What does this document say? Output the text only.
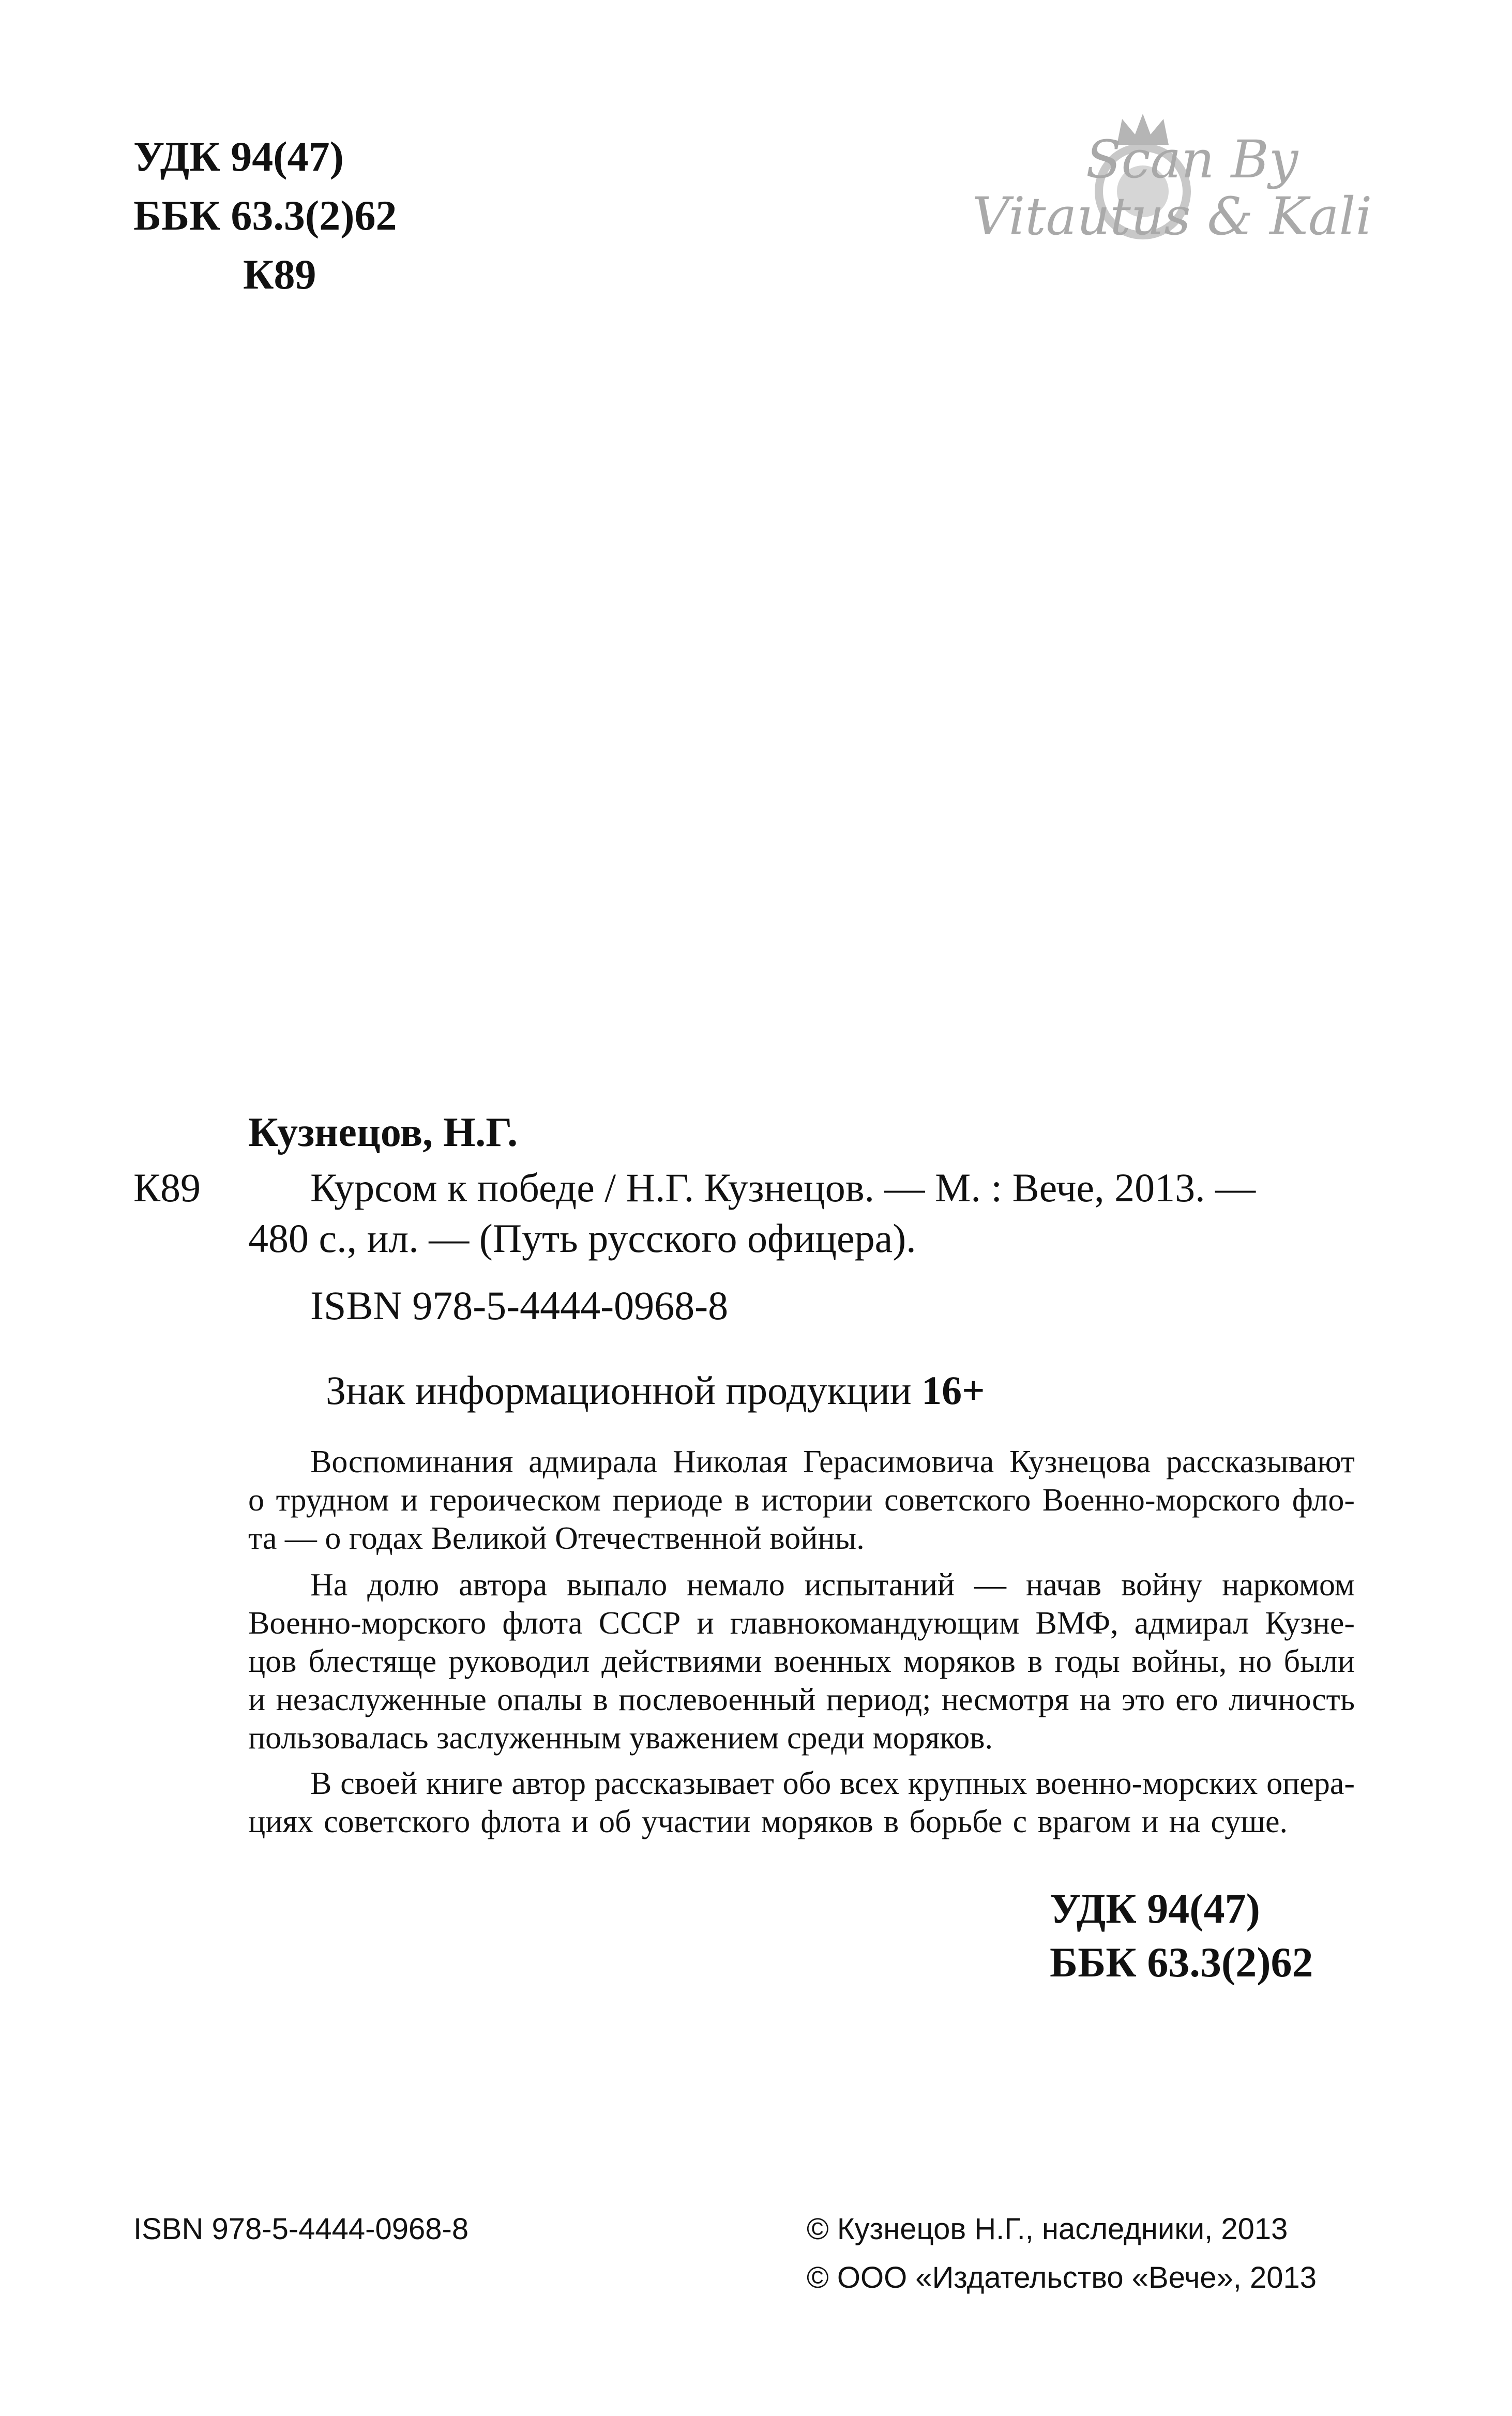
УДК 94(47)

ББК 63.3(2)62

К89

Scan By
Vitautus & Kali

Кузнецов, Н.Г.

К89	Курсом к победе / Н.Г. Кузнецов. — М. : Вече, 2013. —

480 с., ил. — (Путь русского офицера).

ISBN 978-5-4444-0968-8

Знак информационной продукции 16+

Воспоминания адмирала Николая Герасимовича Кузнецова рассказывают

о трудном и героическом периоде в истории советского Военно-морского фло-

та — о годах Великой Отечественной войны.

На долю автора выпало немало испытаний — начав войну наркомом

Военно-морского флота СССР и главнокомандующим ВМФ, адмирал Кузне-

цов блестяще руководил действиями военных моряков в годы войны, но были

и незаслуженные опалы в послевоенный период; несмотря на это его личность

пользовалась заслуженным уважением среди моряков.

В своей книге автор рассказывает обо всех крупных военно-морских опера-

циях советского флота и об участии моряков в борьбе с врагом и на суше.

УДК 94(47)

ББК 63.3(2)62

ISBN 978-5-4444-0968-8	© Кузнецов Н.Г., наследники, 2013

© ООО «Издательство «Вече», 2013
